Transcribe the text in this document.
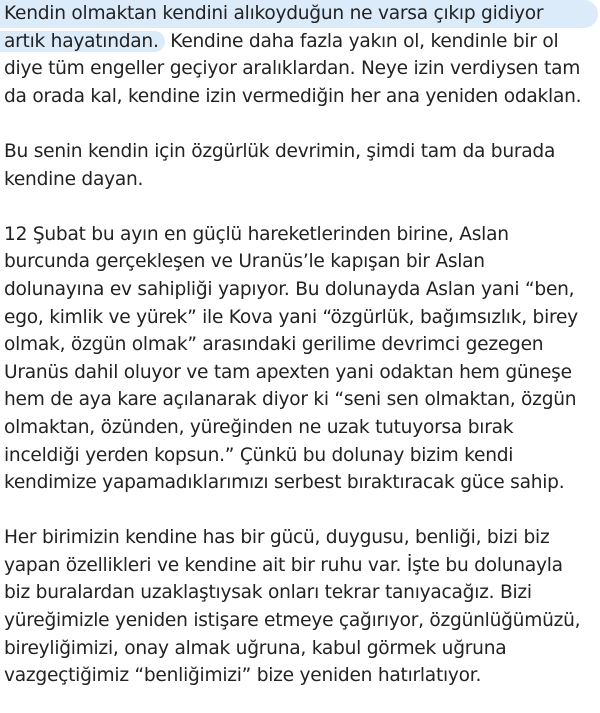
Kendin olmaktan kendini alıkoyduğun ne varsa çıkıp gidiyor
artık hayatından. Kendine daha fazla yakın ol, kendinle bir ol
diye tüm engeller geçiyor aralıklardan. Neye izin verdiysen tam
da orada kal, kendine izin vermediğin her ana yeniden odaklan.

Bu senin kendin için özgürlük devrimin, şimdi tam da burada
kendine dayan.

12 Şubat bu ayın en güçlü hareketlerinden birine, Aslan
burcunda gerçekleşen ve Uranüs’le kapışan bir Aslan
dolunayına ev sahipliği yapıyor. Bu dolunayda Aslan yani “ben,
ego, kimlik ve yürek” ile Kova yani “özgürlük, bağımsızlık, birey
olmak, özgün olmak” arasındaki gerilime devrimci gezegen
Uranüs dahil oluyor ve tam apexten yani odaktan hem güneşe
hem de aya kare açılanarak diyor ki “seni sen olmaktan, özgün
olmaktan, özünden, yüreğinden ne uzak tutuyorsa bırak
inceldiği yerden kopsun.” Çünkü bu dolunay bizim kendi
kendimize yapamadıklarımızı serbest bıraktıracak güce sahip.

Her birimizin kendine has bir gücü, duygusu, benliği, bizi biz
yapan özellikleri ve kendine ait bir ruhu var. İşte bu dolunayla
biz buralardan uzaklaştıysak onları tekrar tanıyacağız. Bizi
yüreğimizle yeniden istişare etmeye çağırıyor, özgünlüğümüzü,
bireyliğimizi, onay almak uğruna, kabul görmek uğruna
vazgeçtiğimiz “benliğimizi” bize yeniden hatırlatıyor.
